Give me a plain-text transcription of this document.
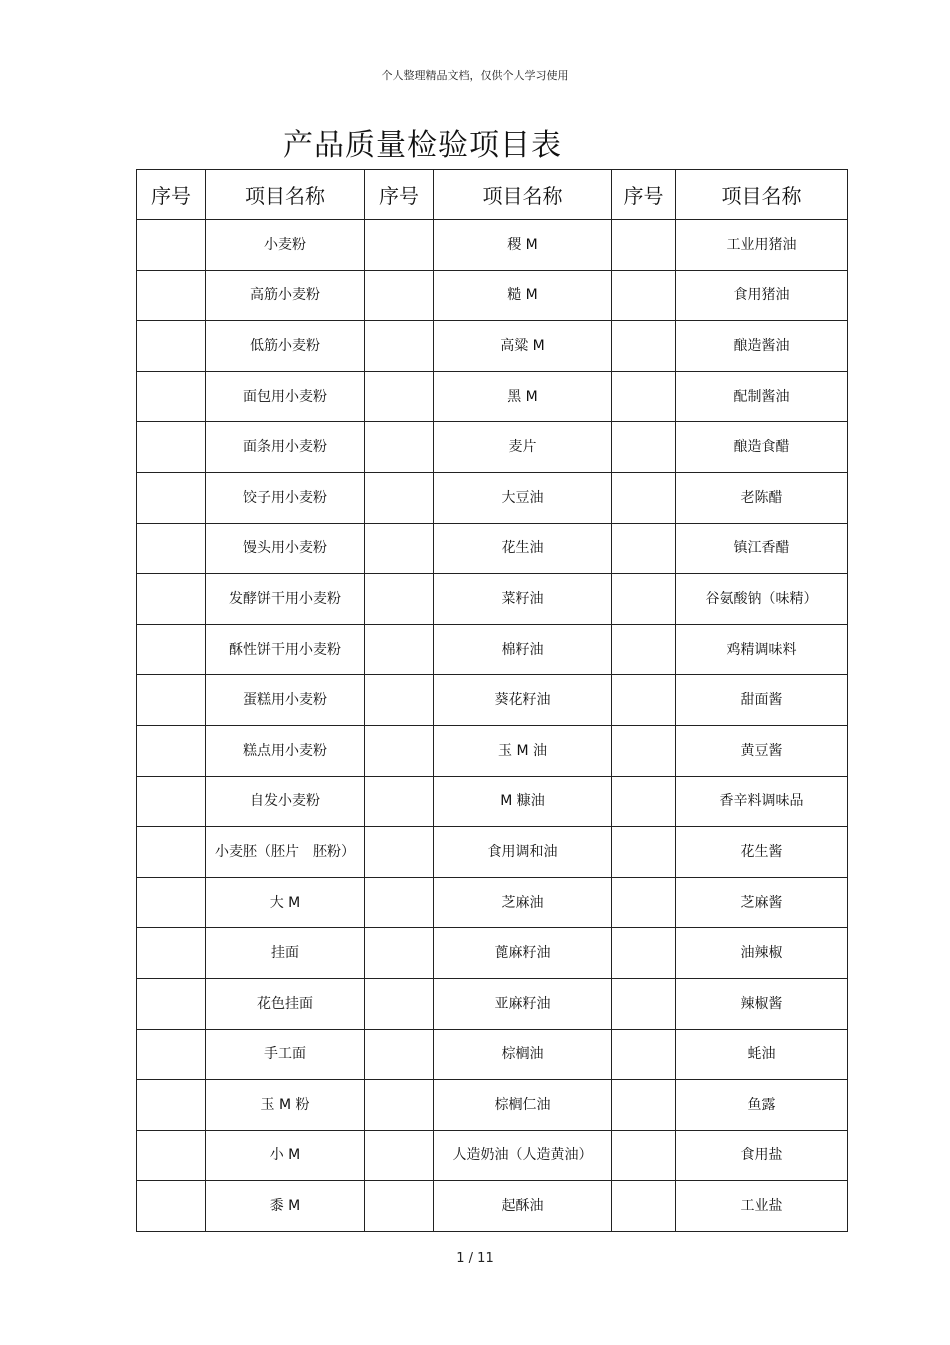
个人整理精品文档，仅供个人学习使用
产品质量检验项目表
序号	项目名称	序号	项目名称	序号	项目名称
	小麦粉		稷 M		工业用猪油
	高筋小麦粉		糙 M		食用猪油
	低筋小麦粉		高粱 M		酿造酱油
	面包用小麦粉		黑 M		配制酱油
	面条用小麦粉		麦片		酿造食醋
	饺子用小麦粉		大豆油		老陈醋
	馒头用小麦粉		花生油		镇江香醋
	发酵饼干用小麦粉		菜籽油		谷氨酸钠（味精）
	酥性饼干用小麦粉		棉籽油		鸡精调味料
	蛋糕用小麦粉		葵花籽油		甜面酱
	糕点用小麦粉		玉 M 油		黄豆酱
	自发小麦粉		M 糠油		香辛料调味品
	小麦胚（胚片　胚粉）		食用调和油		花生酱
	大 M		芝麻油		芝麻酱
	挂面		蓖麻籽油		油辣椒
	花色挂面		亚麻籽油		辣椒酱
	手工面		棕榈油		蚝油
	玉 M 粉		棕榈仁油		鱼露
	小 M		人造奶油（人造黄油）		食用盐
	黍 M		起酥油		工业盐
1 / 11
